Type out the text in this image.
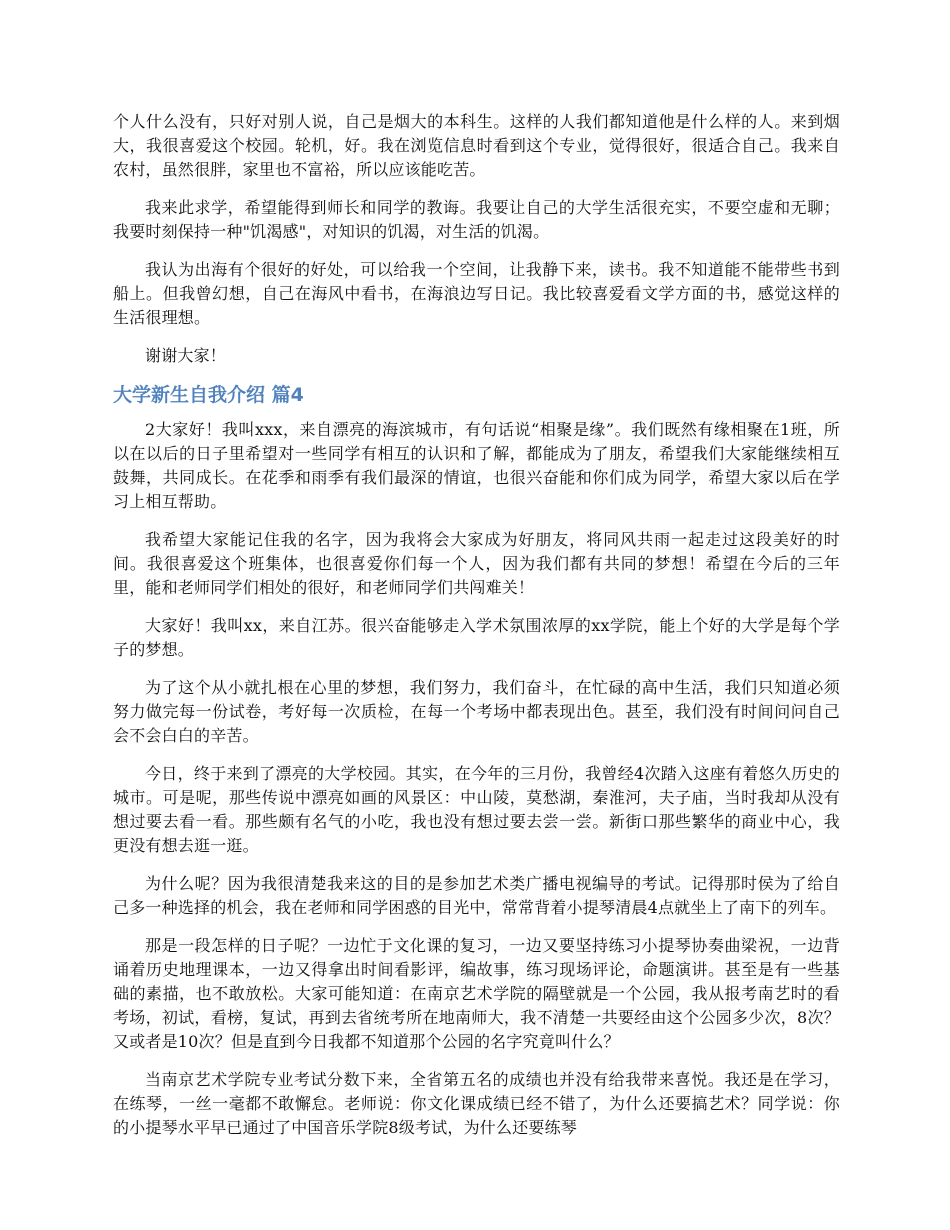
个人什么没有，只好对别人说，自己是烟大的本科生。这样的人我们都知道他是什么样的人。来到烟大，我很喜爱这个校园。轮机，好。我在浏览信息时看到这个专业，觉得很好，很适合自己。我来自农村，虽然很胖，家里也不富裕，所以应该能吃苦。

我来此求学，希望能得到师长和同学的教诲。我要让自己的大学生活很充实，不要空虚和无聊；我要时刻保持一种"饥渴感"，对知识的饥渴，对生活的饥渴。

我认为出海有个很好的好处，可以给我一个空间，让我静下来，读书。我不知道能不能带些书到船上。但我曾幻想，自己在海风中看书，在海浪边写日记。我比较喜爱看文学方面的书，感觉这样的生活很理想。

谢谢大家！

大学新生自我介绍 篇4

2大家好！我叫xxx，来自漂亮的海滨城市，有句话说“相聚是缘”。我们既然有缘相聚在1班，所以在以后的日子里希望对一些同学有相互的认识和了解，都能成为了朋友，希望我们大家能继续相互鼓舞，共同成长。在花季和雨季有我们最深的情谊，也很兴奋能和你们成为同学，希望大家以后在学习上相互帮助。

我希望大家能记住我的名字，因为我将会大家成为好朋友，将同风共雨一起走过这段美好的时间。我很喜爱这个班集体，也很喜爱你们每一个人，因为我们都有共同的梦想！希望在今后的三年里，能和老师同学们相处的很好，和老师同学们共闯难关！

大家好！我叫xx，来自江苏。很兴奋能够走入学术氛围浓厚的xx学院，能上个好的大学是每个学子的梦想。

为了这个从小就扎根在心里的梦想，我们努力，我们奋斗，在忙碌的高中生活，我们只知道必须努力做完每一份试卷，考好每一次质检，在每一个考场中都表现出色。甚至，我们没有时间问问自己会不会白白的辛苦。

今日，终于来到了漂亮的大学校园。其实，在今年的三月份，我曾经4次踏入这座有着悠久历史的城市。可是呢，那些传说中漂亮如画的风景区：中山陵，莫愁湖，秦淮河，夫子庙，当时我却从没有想过要去看一看。那些颇有名气的小吃，我也没有想过要去尝一尝。新街口那些繁华的商业中心，我更没有想去逛一逛。

为什么呢？因为我很清楚我来这的目的是参加艺术类广播电视编导的考试。记得那时侯为了给自己多一种选择的机会，我在老师和同学困惑的目光中，常常背着小提琴清晨4点就坐上了南下的列车。

那是一段怎样的日子呢？一边忙于文化课的复习，一边又要坚持练习小提琴协奏曲梁祝，一边背诵着历史地理课本，一边又得拿出时间看影评，编故事，练习现场评论，命题演讲。甚至是有一些基础的素描，也不敢放松。大家可能知道：在南京艺术学院的隔壁就是一个公园，我从报考南艺时的看考场，初试，看榜，复试，再到去省统考所在地南师大，我不清楚一共要经由这个公园多少次，8次？又或者是10次？但是直到今日我都不知道那个公园的名字究竟叫什么？

当南京艺术学院专业考试分数下来，全省第五名的成绩也并没有给我带来喜悦。我还是在学习，在练琴，一丝一毫都不敢懈怠。老师说：你文化课成绩已经不错了，为什么还要搞艺术？同学说：你的小提琴水平早已通过了中国音乐学院8级考试，为什么还要练琴
